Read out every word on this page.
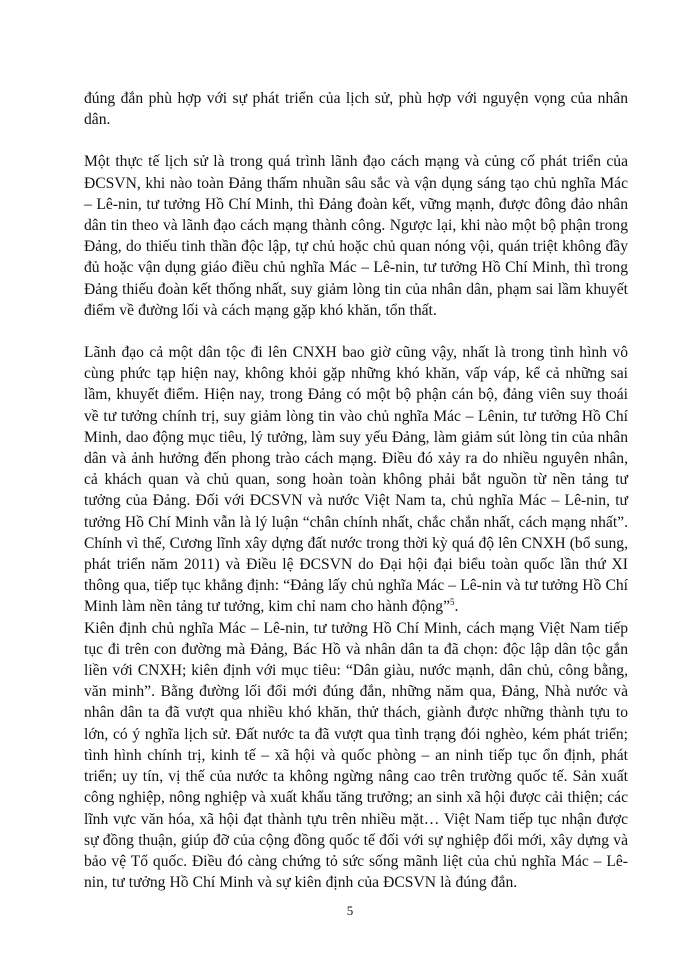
đúng đắn phù hợp với sự phát triển của lịch sử, phù hợp với nguyện vọng của nhân dân.

Một thực tế lịch sử là trong quá trình lãnh đạo cách mạng và củng cố phát triển của ĐCSVN, khi nào toàn Đảng thấm nhuần sâu sắc và vận dụng sáng tạo chủ nghĩa Mác – Lê-nin, tư tưởng Hồ Chí Minh, thì Đảng đoàn kết, vững mạnh, được đông đảo nhân dân tin theo và lãnh đạo cách mạng thành công. Ngược lại, khi nào một bộ phận trong Đảng, do thiếu tinh thần độc lập, tự chủ hoặc chủ quan nóng vội, quán triệt không đầy đủ hoặc vận dụng giáo điều chủ nghĩa Mác – Lê-nin, tư tưởng Hồ Chí Minh, thì trong Đảng thiếu đoàn kết thống nhất, suy giảm lòng tin của nhân dân, phạm sai lầm khuyết điểm về đường lối và cách mạng gặp khó khăn, tổn thất.

Lãnh đạo cả một dân tộc đi lên CNXH bao giờ cũng vậy, nhất là trong tình hình vô cùng phức tạp hiện nay, không khỏi gặp những khó khăn, vấp váp, kể cả những sai lầm, khuyết điểm. Hiện nay, trong Đảng có một bộ phận cán bộ, đảng viên suy thoái về tư tưởng chính trị, suy giảm lòng tin vào chủ nghĩa Mác – Lênin, tư tưởng Hồ Chí Minh, dao động mục tiêu, lý tưởng, làm suy yếu Đảng, làm giảm sút lòng tin của nhân dân và ảnh hưởng đến phong trào cách mạng. Điều đó xảy ra do nhiều nguyên nhân, cả khách quan và chủ quan, song hoàn toàn không phải bắt nguồn từ nền tảng tư tưởng của Đảng. Đối với ĐCSVN và nước Việt Nam ta, chủ nghĩa Mác – Lê-nin, tư tưởng Hồ Chí Minh vẫn là lý luận “chân chính nhất, chắc chắn nhất, cách mạng nhất”. Chính vì thế, Cương lĩnh xây dựng đất nước trong thời kỳ quá độ lên CNXH (bổ sung, phát triển năm 2011) và Điều lệ ĐCSVN do Đại hội đại biểu toàn quốc lần thứ XI thông qua, tiếp tục khẳng định: “Đảng lấy chủ nghĩa Mác – Lê-nin và tư tưởng Hồ Chí Minh làm nền tảng tư tưởng, kim chỉ nam cho hành động”$^5$.

Kiên định chủ nghĩa Mác – Lê-nin, tư tưởng Hồ Chí Minh, cách mạng Việt Nam tiếp tục đi trên con đường mà Đảng, Bác Hồ và nhân dân ta đã chọn: độc lập dân tộc gắn liền với CNXH; kiên định với mục tiêu: “Dân giàu, nước mạnh, dân chủ, công bằng, văn minh”. Bằng đường lối đổi mới đúng đắn, những năm qua, Đảng, Nhà nước và nhân dân ta đã vượt qua nhiều khó khăn, thử thách, giành được những thành tựu to lớn, có ý nghĩa lịch sử. Đất nước ta đã vượt qua tình trạng đói nghèo, kém phát triển; tình hình chính trị, kinh tế – xã hội và quốc phòng – an ninh tiếp tục ổn định, phát triển; uy tín, vị thế của nước ta không ngừng nâng cao trên trường quốc tế. Sản xuất công nghiệp, nông nghiệp và xuất khẩu tăng trưởng; an sinh xã hội được cải thiện; các lĩnh vực văn hóa, xã hội đạt thành tựu trên nhiều mặt… Việt Nam tiếp tục nhận được sự đồng thuận, giúp đỡ của cộng đồng quốc tế đối với sự nghiệp đổi mới, xây dựng và bảo vệ Tổ quốc. Điều đó càng chứng tỏ sức sống mãnh liệt của chủ nghĩa Mác – Lê-nin, tư tưởng Hồ Chí Minh và sự kiên định của ĐCSVN là đúng đắn.

5
